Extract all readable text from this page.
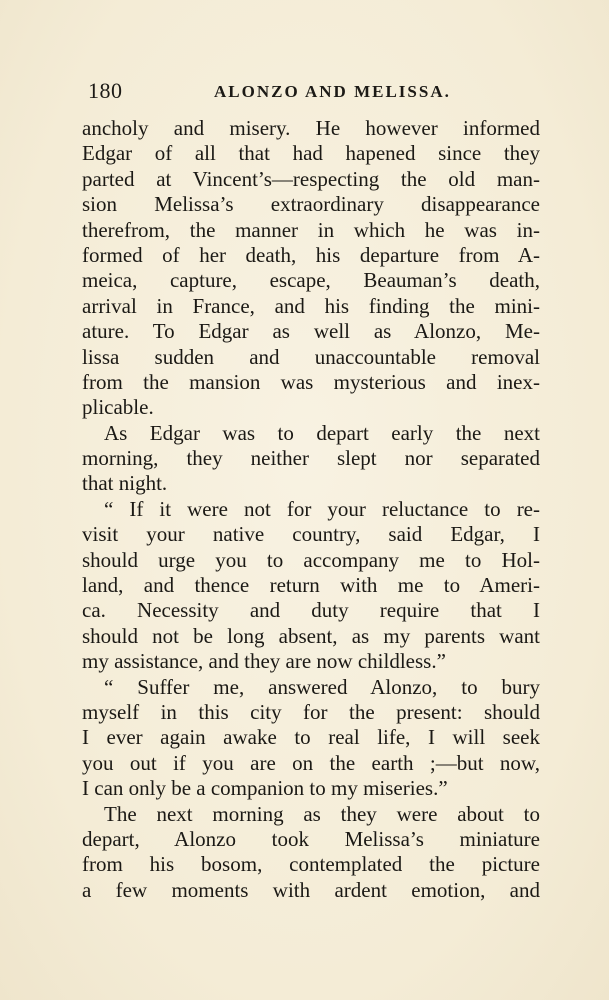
180	ALONZO AND MELISSA.
ancholy and misery. He however informed
Edgar of all that had hapened since they
parted at Vincent’s—respecting the old man-
sion Melissa’s extraordinary disappearance
therefrom, the manner in which he was in-
formed of her death, his departure from A-
meica, capture, escape, Beauman’s death,
arrival in France, and his finding the mini-
ature. To Edgar as well as Alonzo, Me-
lissa sudden and unaccountable removal
from the mansion was mysterious and inex-
plicable.
As Edgar was to depart early the next
morning, they neither slept nor separated
that night.
“ If it were not for your reluctance to re-
visit your native country, said Edgar, I
should urge you to accompany me to Hol-
land, and thence return with me to Ameri-
ca. Necessity and duty require that I
should not be long absent, as my parents want
my assistance, and they are now childless.”
“ Suffer me, answered Alonzo, to bury
myself in this city for the present: should
I ever again awake to real life, I will seek
you out if you are on the earth ;—but now,
I can only be a companion to my miseries.”
The next morning as they were about to
depart, Alonzo took Melissa’s miniature
from his bosom, contemplated the picture
a few moments with ardent emotion, and
